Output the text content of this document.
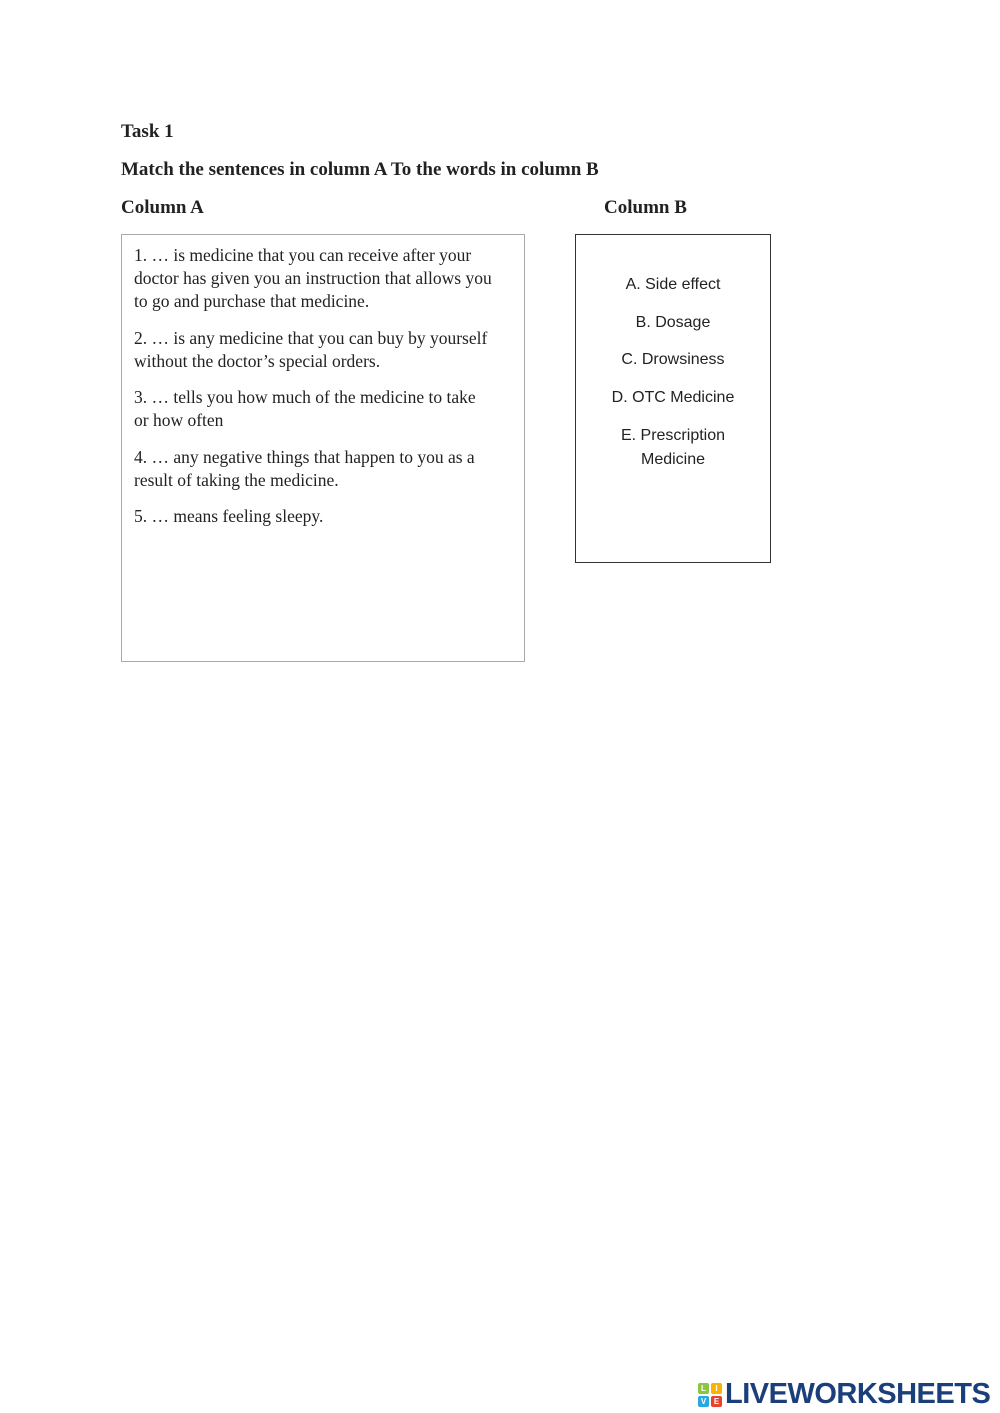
Task 1
Match the sentences in column A To the words in column B
Column A	Column B
1. … is medicine that you can receive after your
doctor has given you an instruction that allows you
to go and purchase that medicine.
2. … is any medicine that you can buy by yourself
without the doctor’s special orders.
3. … tells you how much of the medicine to take
or how often
4. … any negative things that happen to you as a
result of taking the medicine.
5. … means feeling sleepy.
A. Side effect
B. Dosage
C. Drowsiness
D. OTC Medicine
E. Prescription
Medicine
L	I
V E LIVEWORKSHEETS
